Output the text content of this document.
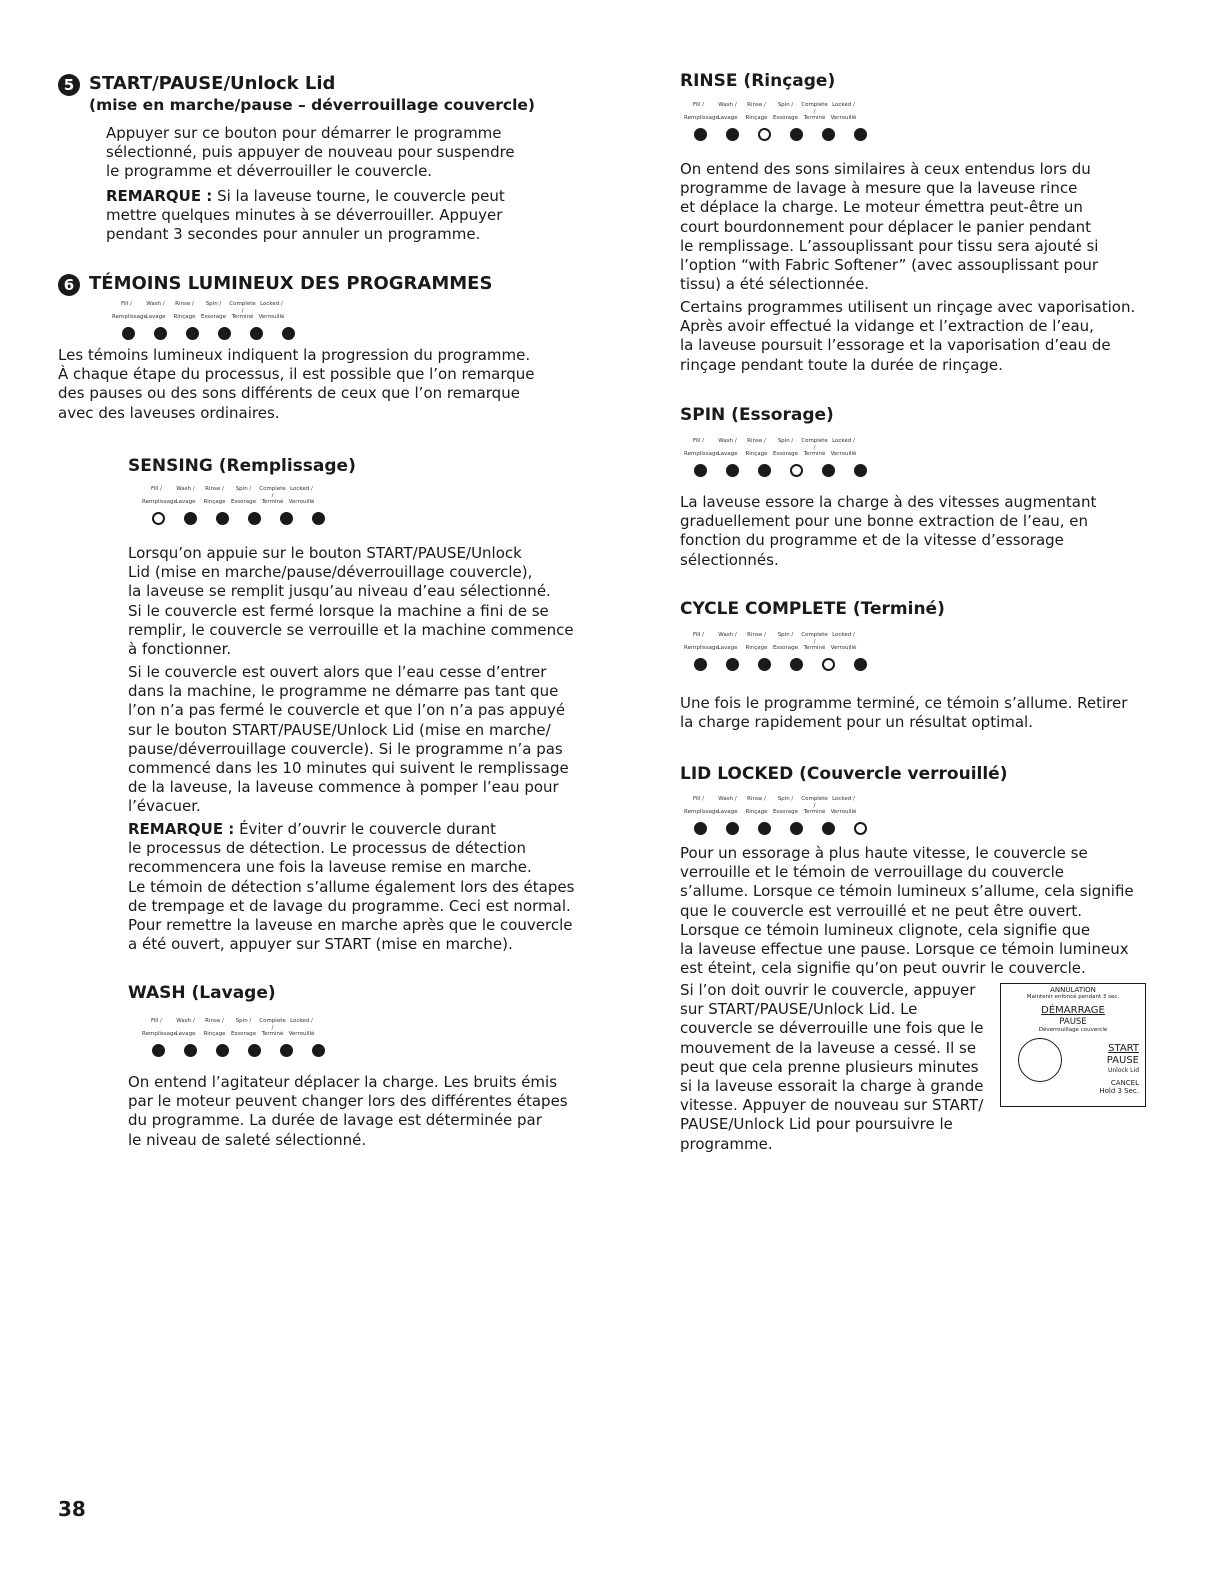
5 START/PAUSE/Unlock Lid
(mise en marche/pause – déverrouillage couvercle)

Appuyer sur ce bouton pour démarrer le programme

sélectionné, puis appuyer de nouveau pour suspendre

le programme et déverrouiller le couvercle.

REMARQUE : Si la laveuse tourne, le couvercle peut

mettre quelques minutes à se déverrouiller. Appuyer

pendant 3 secondes pour annuler un programme.

6 TÉMOINS LUMINEUX DES PROGRAMMES
Fill /	Wash /	Rinse /	Spin /	Complete /
Locked /
Remplissage
Lavage	Rinçage Essorage	Terminé Verrouillé

Les témoins lumineux indiquent la progression du programme.

À chaque étape du processus, il est possible que l’on remarque

des pauses ou des sons différents de ceux que l’on remarque

avec des laveuses ordinaires.

SENSING (Remplissage)
Fill /	Wash /	Rinse /	Spin /	Complete /
Locked /
Remplissage
Lavage	Rinçage Essorage	Terminé Verrouillé

Lorsqu’on appuie sur le bouton START/PAUSE/Unlock

Lid (mise en marche/pause/déverrouillage couvercle),

la laveuse se remplit jusqu’au niveau d’eau sélectionné.

Si le couvercle est fermé lorsque la machine a fini de se

remplir, le couvercle se verrouille et la machine commence

à fonctionner.

Si le couvercle est ouvert alors que l’eau cesse d’entrer

dans la machine, le programme ne démarre pas tant que

l’on n’a pas fermé le couvercle et que l’on n’a pas appuyé

sur le bouton START/PAUSE/Unlock Lid (mise en marche/

pause/déverrouillage couvercle). Si le programme n’a pas

commencé dans les 10 minutes qui suivent le remplissage

de la laveuse, la laveuse commence à pomper l’eau pour

l’évacuer.

REMARQUE : Éviter d’ouvrir le couvercle durant

le processus de détection. Le processus de détection

recommencera une fois la laveuse remise en marche.

Le témoin de détection s’allume également lors des étapes

de trempage et de lavage du programme. Ceci est normal.

Pour remettre la laveuse en marche après que le couvercle

a été ouvert, appuyer sur START (mise en marche).

WASH (Lavage)
Fill /	Wash /	Rinse /	Spin /	Complete /
Locked /
Remplissage
Lavage	Rinçage Essorage	Terminé Verrouillé

On entend l’agitateur déplacer la charge. Les bruits émis

par le moteur peuvent changer lors des différentes étapes

du programme. La durée de lavage est déterminée par

le niveau de saleté sélectionné.

RINSE (Rinçage)
Fill /	Wash /	Rinse /	Spin /	Complete /
Locked /
Remplissage
Lavage	Rinçage Essorage	Terminé Verrouillé

On entend des sons similaires à ceux entendus lors du

programme de lavage à mesure que la laveuse rince

et déplace la charge. Le moteur émettra peut-être un

court bourdonnement pour déplacer le panier pendant

le remplissage. L’assouplissant pour tissu sera ajouté si

l’option “with Fabric Softener” (avec assouplissant pour

tissu) a été sélectionnée.

Certains programmes utilisent un rinçage avec vaporisation.

Après avoir effectué la vidange et l’extraction de l’eau,

la laveuse poursuit l’essorage et la vaporisation d’eau de

rinçage pendant toute la durée de rinçage.

SPIN (Essorage)
Fill /	Wash /	Rinse /	Spin /	Complete /
Locked /
Remplissage
Lavage	Rinçage Essorage	Terminé Verrouillé

La laveuse essore la charge à des vitesses augmentant

graduellement pour une bonne extraction de l’eau, en

fonction du programme et de la vitesse d’essorage

sélectionnés.

CYCLE COMPLETE (Terminé)
Fill /	Wash /	Rinse /	Spin /	Complete /
Locked /
Remplissage
Lavage	Rinçage Essorage	Terminé Verrouillé

Une fois le programme terminé, ce témoin s’allume. Retirer

la charge rapidement pour un résultat optimal.

LID LOCKED (Couvercle verrouillé)
Fill /	Wash /	Rinse /	Spin /	Complete /
Locked /
Remplissage
Lavage	Rinçage Essorage	Terminé Verrouillé

Pour un essorage à plus haute vitesse, le couvercle se

verrouille et le témoin de verrouillage du couvercle

s’allume. Lorsque ce témoin lumineux s’allume, cela signifie

que le couvercle est verrouillé et ne peut être ouvert.

Lorsque ce témoin lumineux clignote, cela signifie que

la laveuse effectue une pause. Lorsque ce témoin lumineux

est éteint, cela signifie qu’on peut ouvrir le couvercle.

Si l’on doit ouvrir le couvercle, appuyer

sur START/PAUSE/Unlock Lid. Le

couvercle se déverrouille une fois que le

mouvement de la laveuse a cessé. Il se

peut que cela prenne plusieurs minutes

si la laveuse essorait la charge à grande

vitesse. Appuyer de nouveau sur START/

PAUSE/Unlock Lid pour poursuivre le

programme.

ANNULATION
Maintenir enfoncé pendant 3 sec.
DÉMARRAGE
PAUSE
Déverrouillage couvercle
START
PAUSE
Unlock Lid
CANCEL
Hold 3 Sec.
38
